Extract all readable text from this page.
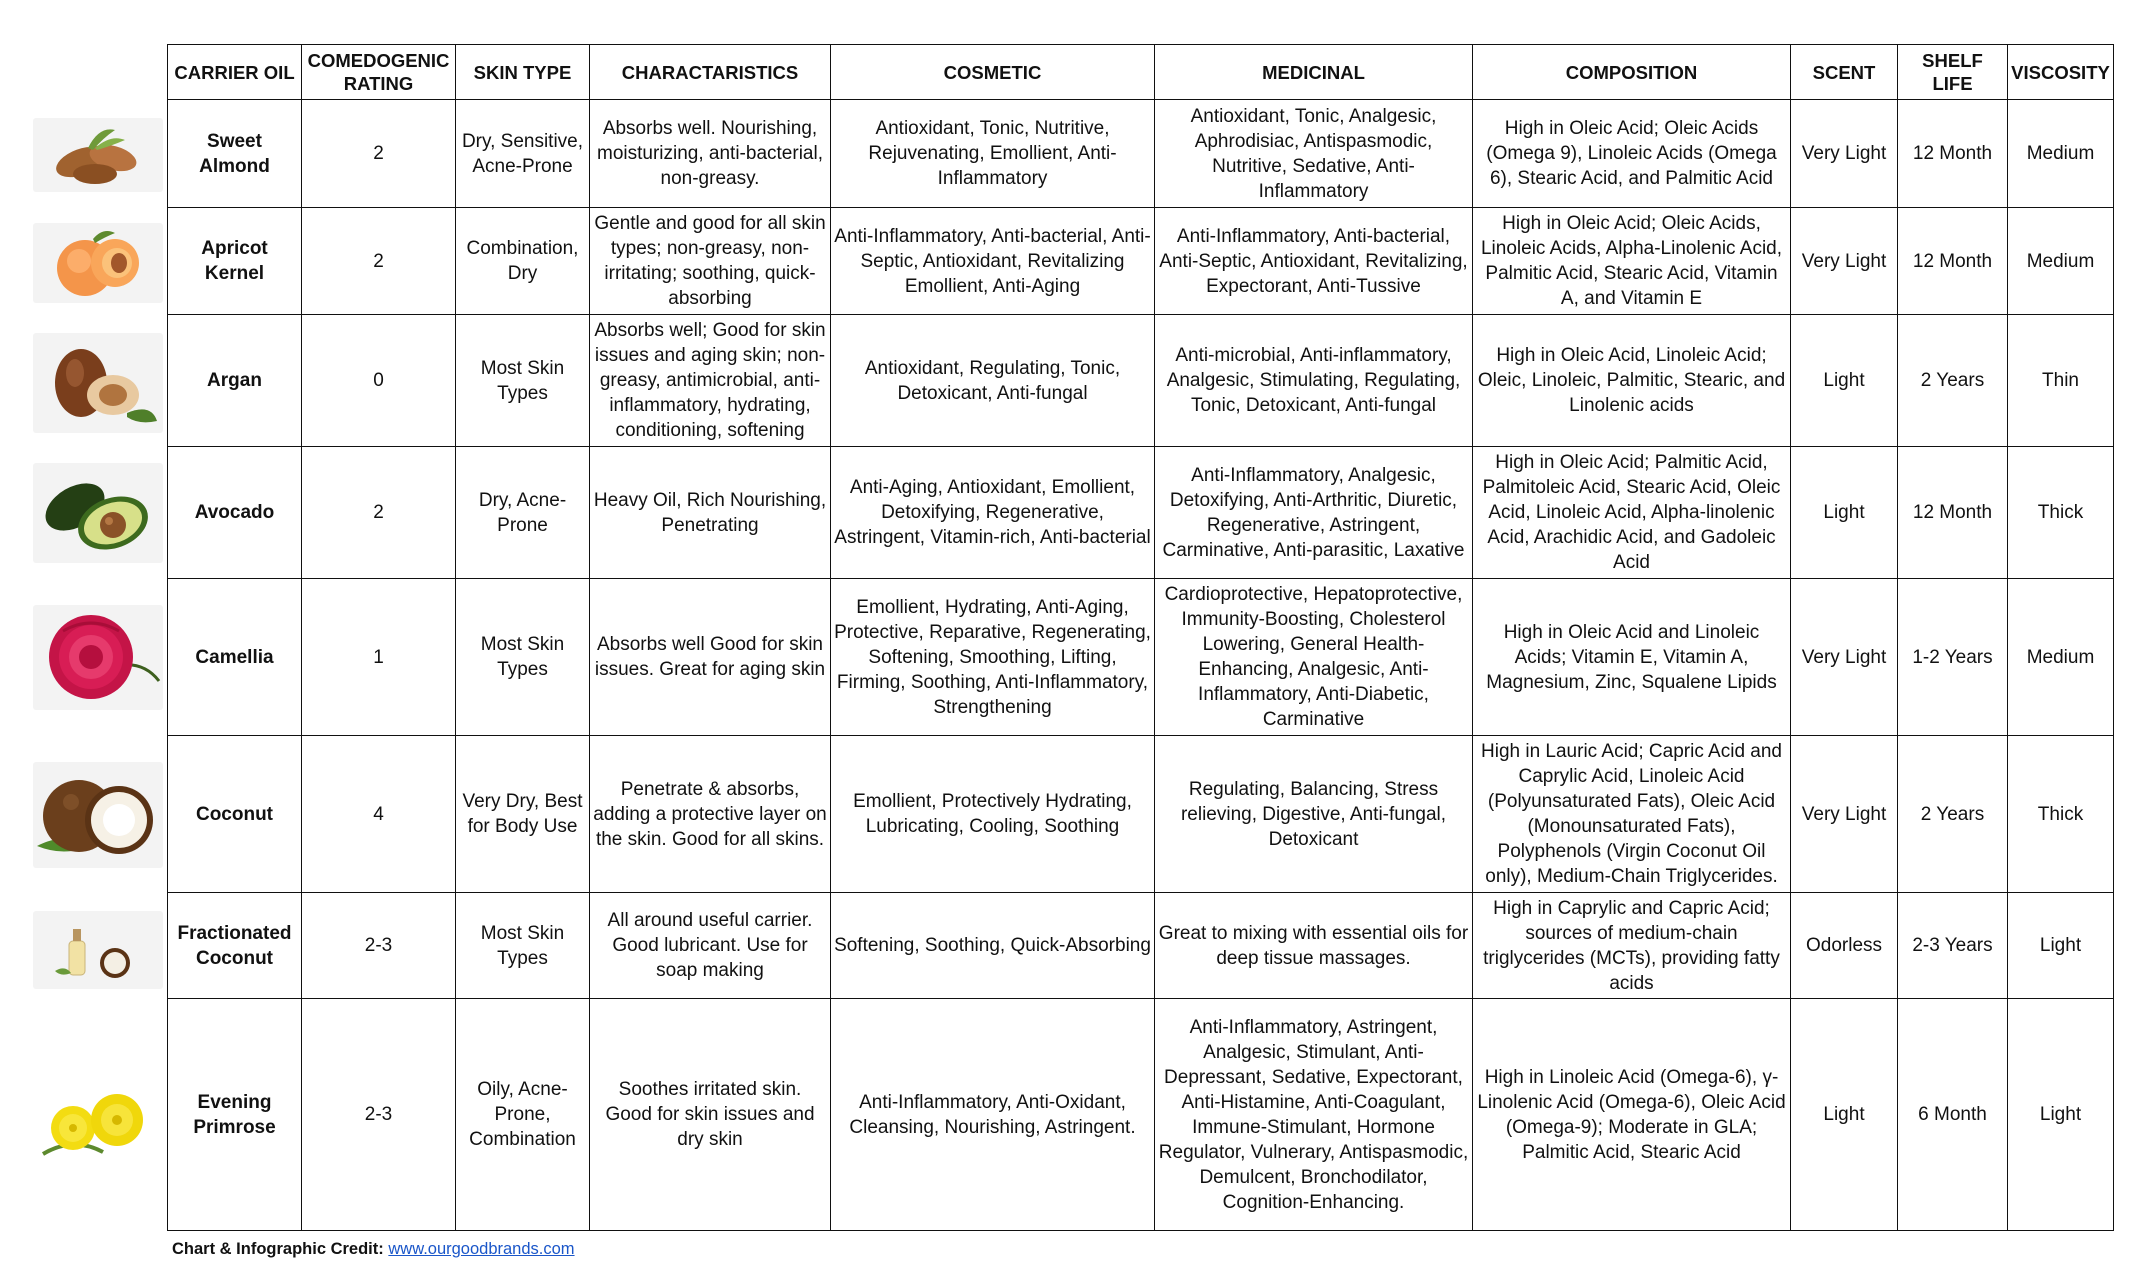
CARRIER OIL	COMEDOGENIC RATING	SKIN TYPE	CHARACTARISTICS	COSMETIC	MEDICINAL	COMPOSITION	SCENT	SHELF LIFE	VISCOSITY
Sweet Almond	2	Dry, Sensitive, Acne-Prone	Absorbs well. Nourishing, moisturizing, anti-bacterial, non-greasy.	Antioxidant, Tonic, Nutritive, Rejuvenating, Emollient, Anti-Inflammatory	Antioxidant, Tonic, Analgesic, Aphrodisiac, Antispasmodic, Nutritive, Sedative, Anti-Inflammatory	High in Oleic Acid; Oleic Acids (Omega 9), Linoleic Acids (Omega 6), Stearic Acid, and Palmitic Acid	Very Light	12 Month	Medium
Apricot Kernel	2	Combination, Dry	Gentle and good for all skin types; non-greasy, non-irritating; soothing, quick-absorbing	Anti-Inflammatory, Anti-bacterial, Anti-Septic, Antioxidant, Revitalizing Emollient, Anti-Aging	Anti-Inflammatory, Anti-bacterial, Anti-Septic, Antioxidant, Revitalizing, Expectorant, Anti-Tussive	High in Oleic Acid; Oleic Acids, Linoleic Acids, Alpha-Linolenic Acid, Palmitic Acid, Stearic Acid, Vitamin A, and Vitamin E	Very Light	12 Month	Medium
Argan	0	Most Skin Types	Absorbs well; Good for skin issues and aging skin; non-greasy, antimicrobial, anti-inflammatory, hydrating, conditioning, softening	Antioxidant, Regulating, Tonic, Detoxicant, Anti-fungal	Anti-microbial, Anti-inflammatory, Analgesic, Stimulating, Regulating, Tonic, Detoxicant, Anti-fungal	High in Oleic Acid, Linoleic Acid; Oleic, Linoleic, Palmitic, Stearic, and Linolenic acids	Light	2 Years	Thin
Avocado	2	Dry, Acne-Prone	Heavy Oil, Rich Nourishing, Penetrating	Anti-Aging, Antioxidant, Emollient, Detoxifying, Regenerative, Astringent, Vitamin-rich, Anti-bacterial	Anti-Inflammatory, Analgesic, Detoxifying, Anti-Arthritic, Diuretic, Regenerative, Astringent, Carminative, Anti-parasitic, Laxative	High in Oleic Acid; Palmitic Acid, Palmitoleic Acid, Stearic Acid, Oleic Acid, Linoleic Acid, Alpha-linolenic Acid, Arachidic Acid, and Gadoleic Acid	Light	12 Month	Thick
Camellia	1	Most Skin Types	Absorbs well Good for skin issues. Great for aging skin	Emollient, Hydrating, Anti-Aging, Protective, Reparative, Regenerating, Softening, Smoothing, Lifting, Firming, Soothing, Anti-Inflammatory, Strengthening	Cardioprotective, Hepatoprotective, Immunity-Boosting, Cholesterol Lowering, General Health-Enhancing, Analgesic, Anti-Inflammatory, Anti-Diabetic, Carminative	High in Oleic Acid and Linoleic Acids; Vitamin E, Vitamin A, Magnesium, Zinc, Squalene Lipids	Very Light	1-2 Years	Medium
Coconut	4	Very Dry, Best for Body Use	Penetrate & absorbs, adding a protective layer on the skin. Good for all skins.	Emollient, Protectively Hydrating, Lubricating, Cooling, Soothing	Regulating, Balancing, Stress relieving, Digestive, Anti-fungal, Detoxicant	High in Lauric Acid; Capric Acid and Caprylic Acid, Linoleic Acid (Polyunsaturated Fats), Oleic Acid (Monounsaturated Fats), Polyphenols (Virgin Coconut Oil only), Medium-Chain Triglycerides.	Very Light	2 Years	Thick
Fractionated Coconut	2-3	Most Skin Types	All around useful carrier. Good lubricant. Use for soap making	Softening, Soothing, Quick-Absorbing	Great to mixing with essential oils for deep tissue massages.	High in Caprylic and Capric Acid; sources of medium-chain triglycerides (MCTs), providing fatty acids	Odorless	2-3 Years	Light
Evening Primrose	2-3	Oily, Acne-Prone, Combination	Soothes irritated skin. Good for skin issues and dry skin	Anti-Inflammatory, Anti-Oxidant, Cleansing, Nourishing, Astringent.	Anti-Inflammatory, Astringent, Analgesic, Stimulant, Anti-Depressant, Sedative, Expectorant, Anti-Histamine, Anti-Coagulant, Immune-Stimulant, Hormone Regulator, Vulnerary, Antispasmodic, Demulcent, Bronchodilator, Cognition-Enhancing.	High in Linoleic Acid (Omega-6), γ-Linolenic Acid (Omega-6), Oleic Acid (Omega-9); Moderate in GLA; Palmitic Acid, Stearic Acid	Light	6 Month	Light
Chart & Infographic Credit: www.ourgoodbrands.com
